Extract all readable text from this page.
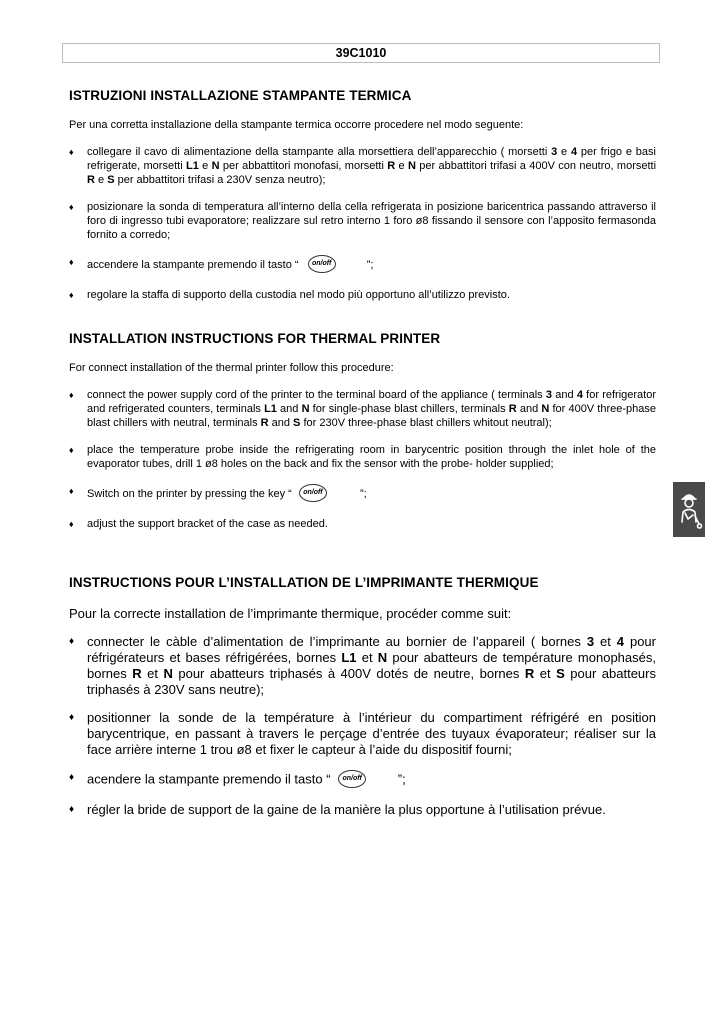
39C1010
ISTRUZIONI INSTALLAZIONE STAMPANTE TERMICA

Per una corretta installazione della stampante termica occorre procedere nel modo seguente:

♦ collegare il cavo di alimentazione della stampante alla morsettiera dell’apparecchio ( morsetti 3 e 4 per frigo e basi refrigerate, morsetti L1 e N per abbattitori monofasi, morsetti R e N per abbattitori trifasi a 400V con neutro, morsetti R e S per abbattitori trifasi a 230V senza neutro);
♦ posizionare la sonda di temperatura all’interno della cella refrigerata in posizione baricentrica passando attraverso il foro di ingresso tubi evaporatore; realizzare sul retro interno 1 foro ø8 fissando il sensore con l’apposito fermasonda fornito a corredo;
♦ accendere la stampante premendo il tasto “ on/off	”;
♦ regolare la staffa di supporto della custodia nel modo più opportuno all’utilizzo previsto.
INSTALLATION INSTRUCTIONS FOR THERMAL PRINTER

For connect installation of the thermal printer follow this procedure:

♦ connect the power supply cord of the printer to the terminal board of the appliance ( terminals 3 and 4 for refrigerator and refrigerated counters, terminals L1 and N for single-phase blast chillers, terminals R and N for 400V three-phase blast chillers with neutral, terminals R and S for 230V three-phase blast chillers whitout neutral);
♦ place the temperature probe inside the refrigerating room in barycentric position through the inlet hole of the evaporator tubes, drill 1 ø8 holes on the back and fix the sensor with the probe- holder supplied;
♦ Switch on the printer by pressing the key “ on/off	”;
♦ adjust the support bracket of the case as needed.
INSTRUCTIONS POUR L’INSTALLATION DE L’IMPRIMANTE THERMIQUE

Pour la correcte installation de l’imprimante thermique, procéder comme suit:

♦ connecter le càble d’alimentation de l’imprimante au bornier de l’appareil ( bornes 3 et 4 pour réfrigérateurs et bases réfrigérées, bornes L1 et N pour abatteurs de température monophasés, bornes R et N pour abatteurs triphasés à 400V dotés de neutre, bornes R et S pour abatteurs triphasés à 230V sans neutre);
♦ positionner la sonde de la température à l’intérieur du compartiment réfrigéré en position barycentrique, en passant à travers le perçage d’entrée des tuyaux évaporateur; réaliser sur la face arrière interne 1 trou ø8 et fixer le capteur à l’aide du dispositif fourni;
♦ acendere la stampante premendo il tasto “ on/off	”;
♦ régler la bride de support de la gaine de la manière la plus opportune à l’utilisation prévue.
